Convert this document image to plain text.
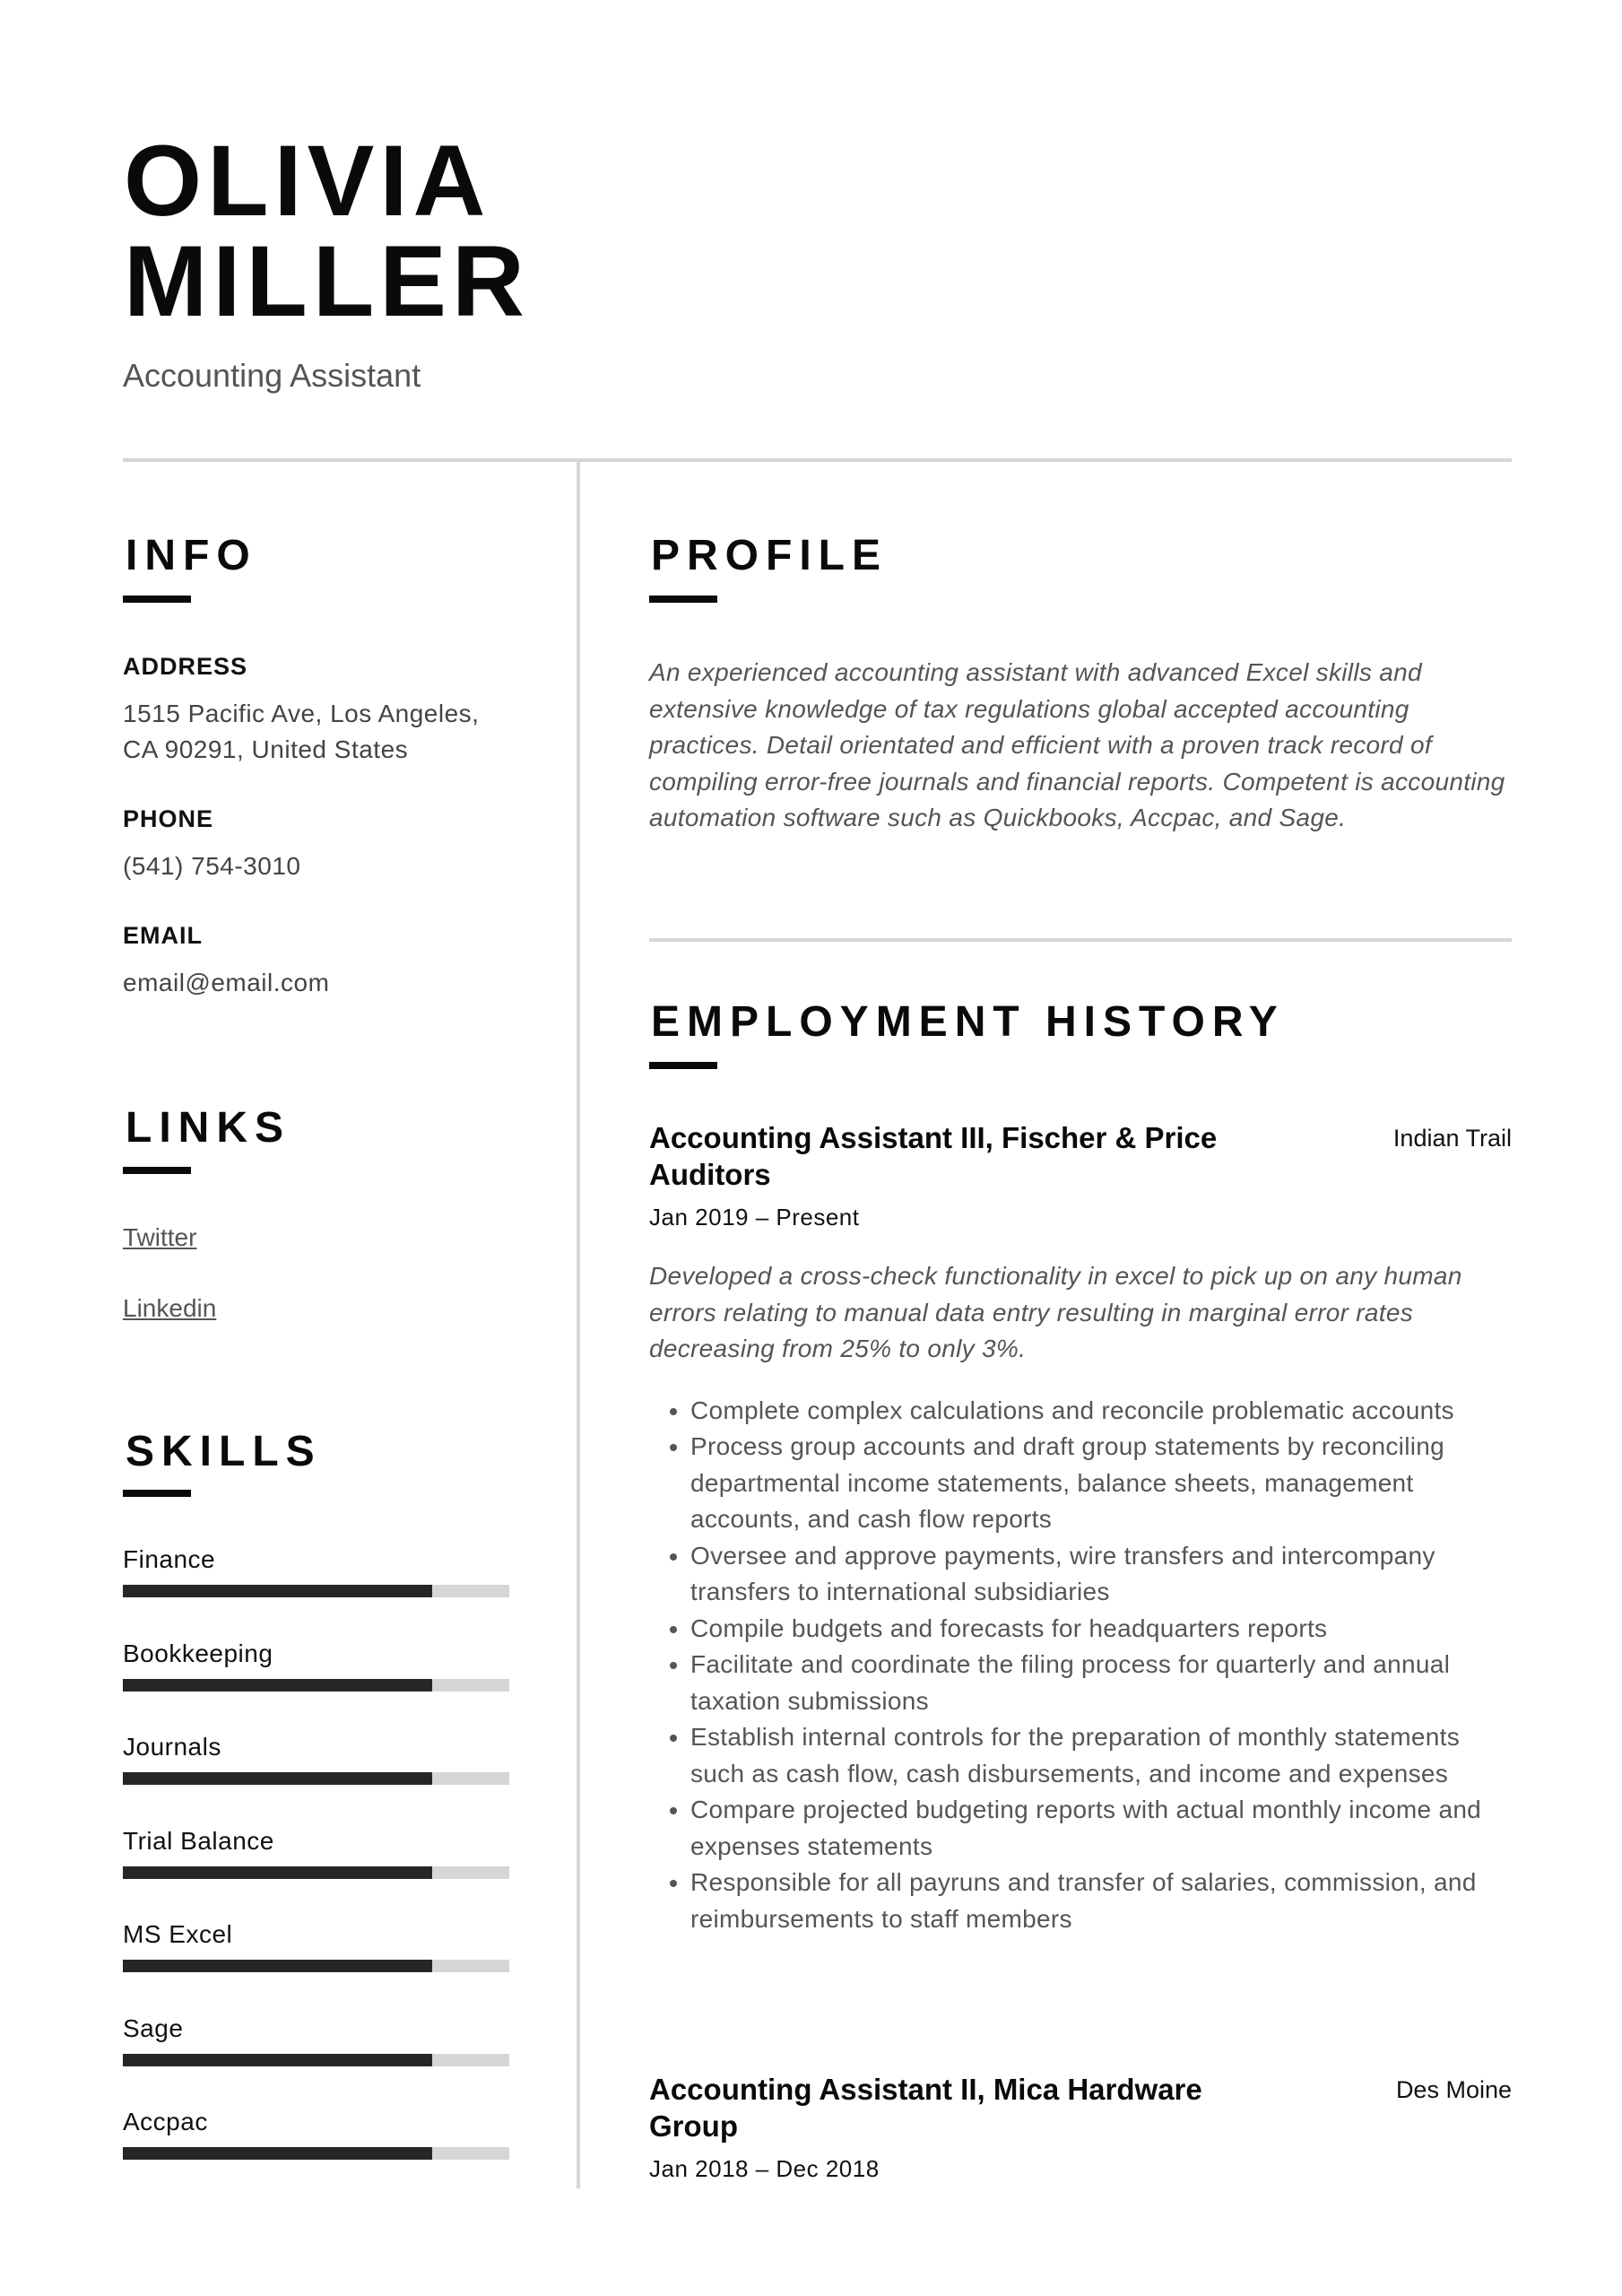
OLIVIA
MILLER
Accounting Assistant
INFO
ADDRESS
1515 Pacific Ave, Los Angeles,
CA 90291, United States
PHONE
(541) 754-3010
EMAIL
email@email.com
LINKS
Twitter
Linkedin
SKILLS
Finance
Bookkeeping
Journals
Trial Balance
MS Excel
Sage
Accpac
PROFILE
An experienced accounting assistant with advanced Excel skills and extensive knowledge of tax regulations global accepted accounting practices. Detail orientated and efficient with a proven track record of compiling error-free journals and financial reports. Competent is accounting automation software such as Quickbooks, Accpac, and Sage.
EMPLOYMENT HISTORY
Accounting Assistant III, Fischer & Price Auditors
Indian Trail
Jan 2019 – Present
Developed a cross-check functionality in excel to pick up on any human errors relating to manual data entry resulting in marginal error rates decreasing from 25% to only 3%.
• Complete complex calculations and reconcile problematic accounts
• Process group accounts and draft group statements by reconciling departmental income statements, balance sheets, management accounts, and cash flow reports
• Oversee and approve payments, wire transfers and intercompany transfers to international subsidiaries
• Compile budgets and forecasts for headquarters reports
• Facilitate and coordinate the filing process for quarterly and annual taxation submissions
• Establish internal controls for the preparation of monthly statements such as cash flow, cash disbursements, and income and expenses
• Compare projected budgeting reports with actual monthly income and expenses statements
• Responsible for all payruns and transfer of salaries, commission, and reimbursements to staff members
Accounting Assistant II, Mica Hardware Group
Des Moine
Jan 2018 – Dec 2018
